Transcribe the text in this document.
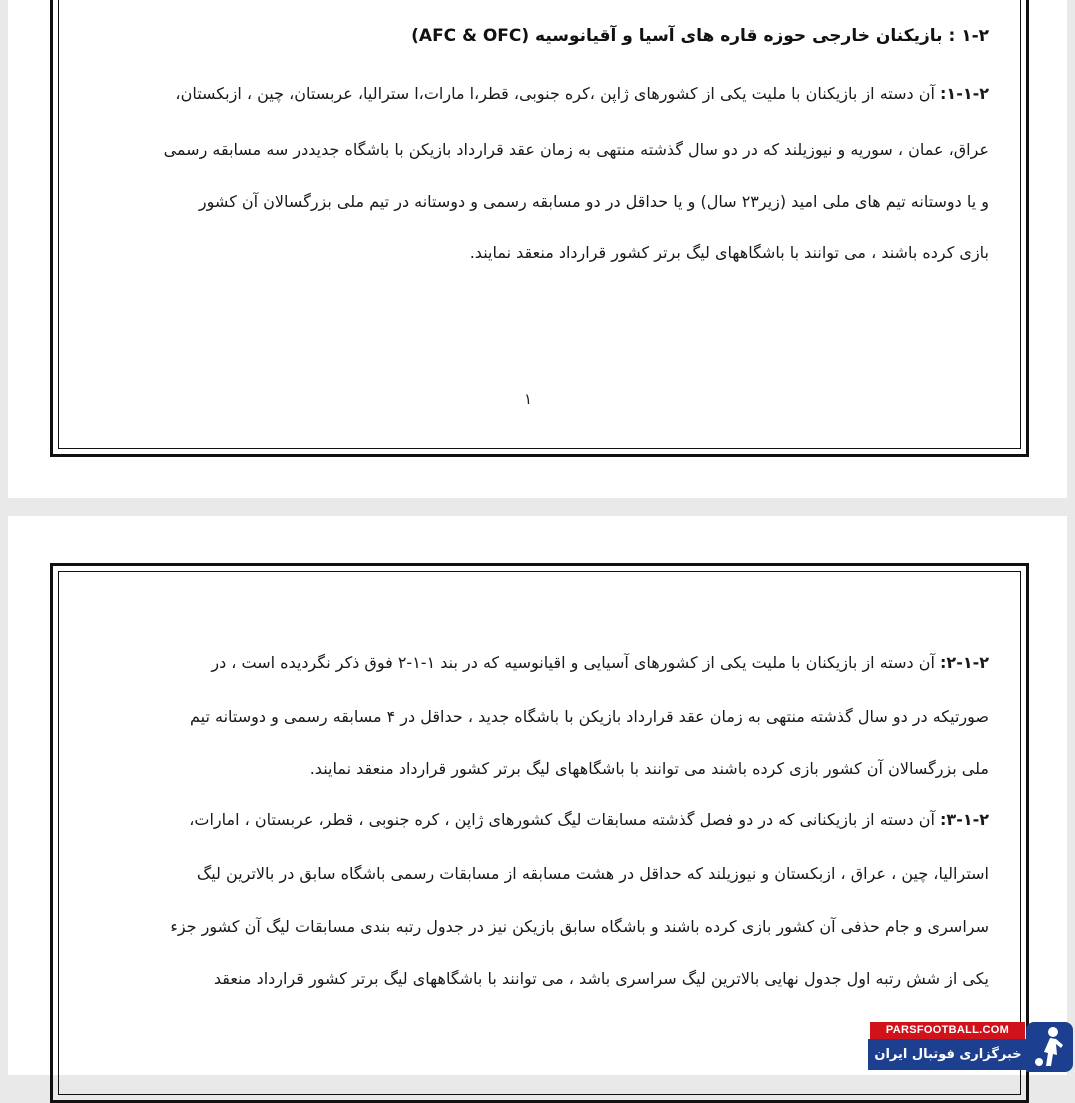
۱-۲ : بازیکنان خارجی حوزه قاره های آسیا و آقیانوسیه (AFC & OFC)
۱-۱-۲: آن دسته از بازیکنان با ملیت یکی از کشورهای ژاپن ،کره جنوبی، قطر،ا مارات،ا سترالیا، عربستان، چین ، ازبکستان،
عراق، عمان ، سوریه و نیوزیلند که در دو سال گذشته منتهی به زمان عقد قرارداد بازیکن با باشگاه جدیددر سه مسابقه رسمی
و یا دوستانه تیم های ملی امید (زیر۲۳ سال) و یا حداقل در دو مسابقه رسمی و دوستانه در تیم ملی بزرگسالان آن کشور
بازی کرده باشند ، می توانند با باشگاههای لیگ برتر کشور قرارداد منعقد نمایند.
۱
۲-۱-۲: آن دسته از بازیکنان با ملیت یکی از کشورهای آسیایی و اقیانوسیه که در بند ۱-۱-۲ فوق ذکر نگردیده است ، در
صورتیکه در دو سال گذشته منتهی به زمان عقد قرارداد بازیکن با باشگاه جدید ، حداقل در ۴ مسابقه رسمی و دوستانه تیم
ملی بزرگسالان آن کشور بازی کرده باشند می توانند با باشگاههای لیگ برتر کشور قرارداد منعقد نمایند.
۳-۱-۲: آن دسته از بازیکنانی که در دو فصل گذشته مسابقات لیگ کشورهای ژاپن ، کره جنوبی ، قطر، عربستان ، امارات،
استرالیا، چین ، عراق ، ازبکستان و نیوزیلند که حداقل در هشت مسابقه از مسابقات رسمی باشگاه سابق در بالاترین لیگ
سراسری و جام حذفی آن کشور بازی کرده باشند و باشگاه سابق بازیکن نیز در جدول رتبه بندی مسابقات لیگ آن کشور جزء
یکی از شش رتبه اول جدول نهایی بالاترین لیگ سراسری باشد ، می توانند با باشگاههای لیگ برتر کشور قرارداد منعقد
PARSFOOTBALL.COM
خبرگزاری فوتبال ایران
